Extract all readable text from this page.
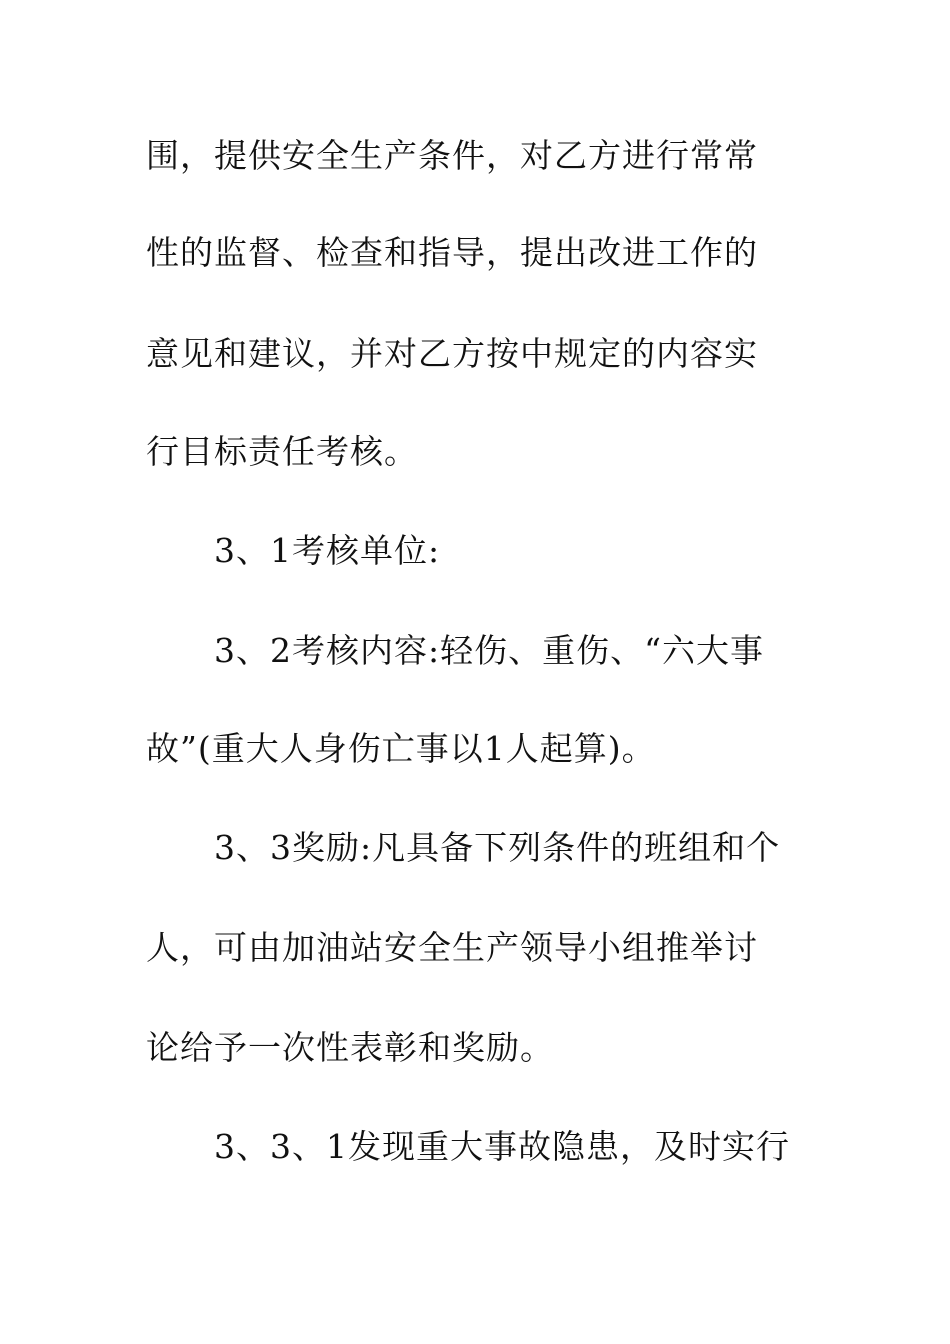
围，提供安全生产条件，对乙方进行常常
性的监督、检查和指导，提出改进工作的
意见和建议，并对乙方按中规定的内容实
行目标责任考核。
3、1考核单位:
3、2考核内容:轻伤、重伤、“六大事
故”(重大人身伤亡事以1人起算)。
3、3奖励:凡具备下列条件的班组和个
人，可由加油站安全生产领导小组推举讨
论给予一次性表彰和奖励。
3、3、1发现重大事故隐患，及时实行
